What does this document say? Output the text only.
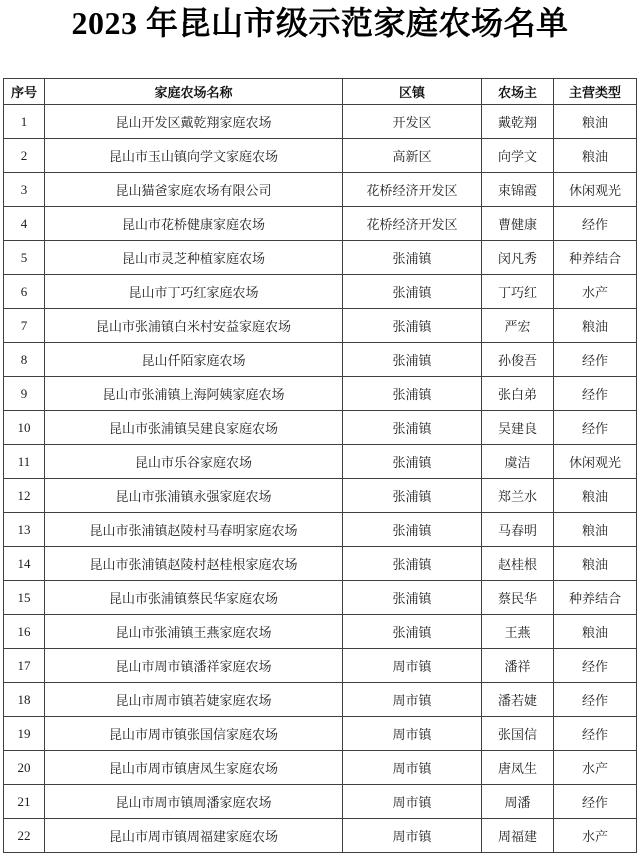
2023 年昆山市级示范家庭农场名单
序号	家庭农场名称	区镇	农场主	主营类型
1	昆山开发区戴乾翔家庭农场	开发区	戴乾翔	粮油
2	昆山市玉山镇向学文家庭农场	高新区	向学文	粮油
3	昆山猫爸家庭农场有限公司	花桥经济开发区	束锦霞	休闲观光
4	昆山市花桥健康家庭农场	花桥经济开发区	曹健康	经作
5	昆山市灵芝种植家庭农场	张浦镇	闵凡秀	种养结合
6	昆山市丁巧红家庭农场	张浦镇	丁巧红	水产
7	昆山市张浦镇白米村安益家庭农场	张浦镇	严宏	粮油
8	昆山仟陌家庭农场	张浦镇	孙俊吾	经作
9	昆山市张浦镇上海阿姨家庭农场	张浦镇	张白弟	经作
10	昆山市张浦镇吴建良家庭农场	张浦镇	吴建良	经作
11	昆山市乐谷家庭农场	张浦镇	虞洁	休闲观光
12	昆山市张浦镇永强家庭农场	张浦镇	郑兰水	粮油
13	昆山市张浦镇赵陵村马春明家庭农场	张浦镇	马春明	粮油
14	昆山市张浦镇赵陵村赵桂根家庭农场	张浦镇	赵桂根	粮油
15	昆山市张浦镇蔡民华家庭农场	张浦镇	蔡民华	种养结合
16	昆山市张浦镇王燕家庭农场	张浦镇	王燕	粮油
17	昆山市周市镇潘祥家庭农场	周市镇	潘祥	经作
18	昆山市周市镇若婕家庭农场	周市镇	潘若婕	经作
19	昆山市周市镇张国信家庭农场	周市镇	张国信	经作
20	昆山市周市镇唐凤生家庭农场	周市镇	唐凤生	水产
21	昆山市周市镇周潘家庭农场	周市镇	周潘	经作
22	昆山市周市镇周福建家庭农场	周市镇	周福建	水产
